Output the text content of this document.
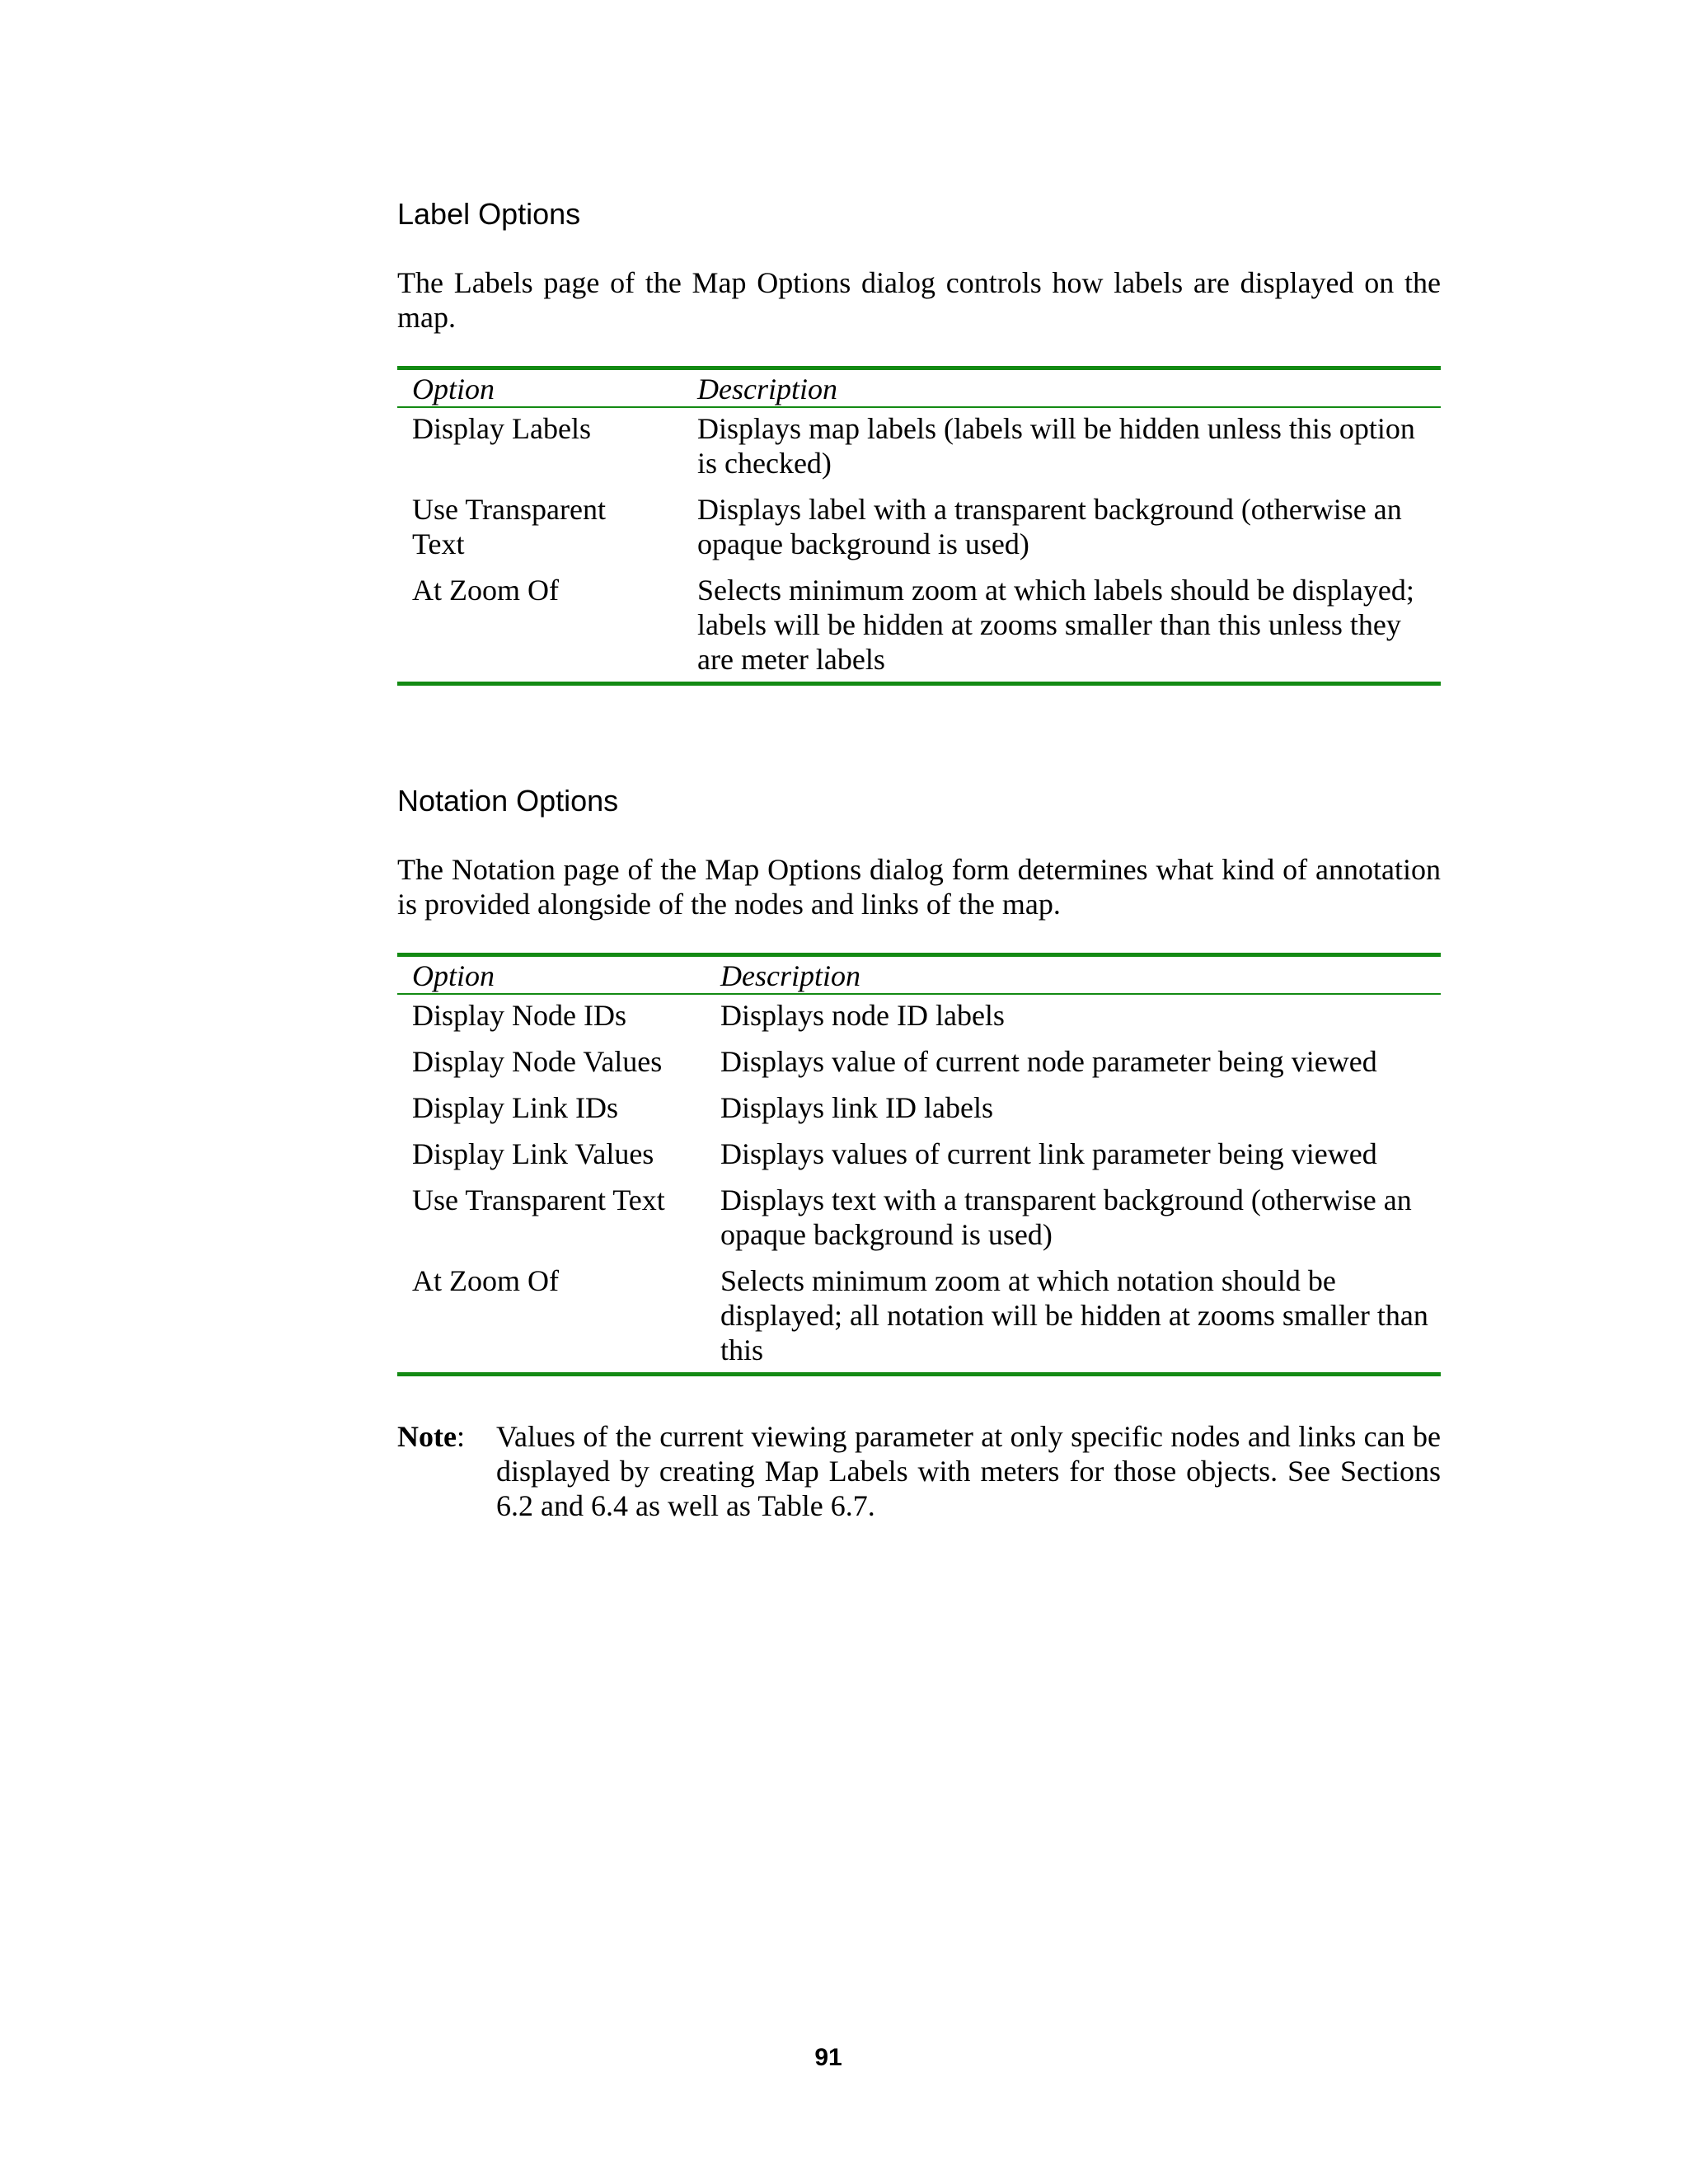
Label Options

The Labels page of the Map Options dialog controls how labels are displayed on the map.

Option	Description
Display Labels	Displays map labels (labels will be hidden unless this option is checked)
Use Transparent Text	Displays label with a transparent background (otherwise an opaque background is used)
At Zoom Of	Selects minimum zoom at which labels should be displayed; labels will be hidden at zooms smaller than this unless they are meter labels
Notation Options

The Notation page of the Map Options dialog form determines what kind of annotation is provided alongside of the nodes and links of the map.

Option	Description
Display Node IDs	Displays node ID labels
Display Node Values	Displays value of current node parameter being viewed
Display Link IDs	Displays link ID labels
Display Link Values	Displays values of current link parameter being viewed
Use Transparent Text	Displays text with a transparent background (otherwise an opaque background is used)
At Zoom Of	Selects minimum zoom at which notation should be displayed; all notation will be hidden at zooms smaller than this
Note:	Values of the current viewing parameter at only specific nodes and links can be displayed by creating Map Labels with meters for those objects. See Sections 6.2 and 6.4 as well as Table 6.7.
91
